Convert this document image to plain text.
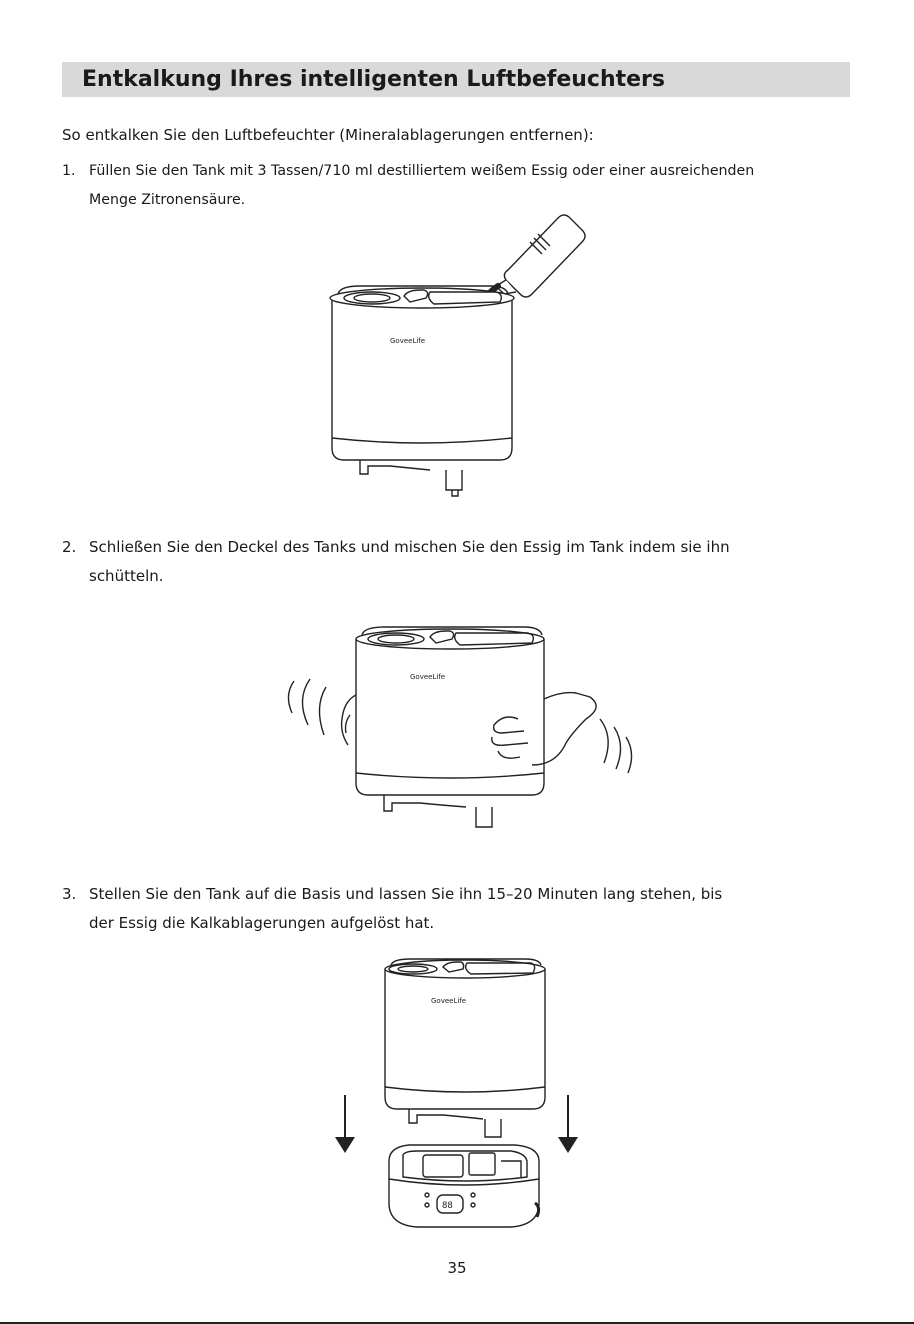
Entkalkung Ihres intelligenten Luftbefeuchters
So entkalken Sie den Luftbefeuchter (Mineralablagerungen entfernen):
1. Füllen Sie den Tank mit 3 Tassen/710 ml destilliertem weißem Essig oder einer ausreichenden
Menge Zitronensäure.
GoveeLife
2. Schließen Sie den Deckel des Tanks und mischen Sie den Essig im Tank indem sie ihn
schütteln.
GoveeLife
3. Stellen Sie den Tank auf die Basis und lassen Sie ihn 15–20 Minuten lang stehen, bis
der Essig die Kalkablagerungen aufgelöst hat.
GoveeLife
88
35
